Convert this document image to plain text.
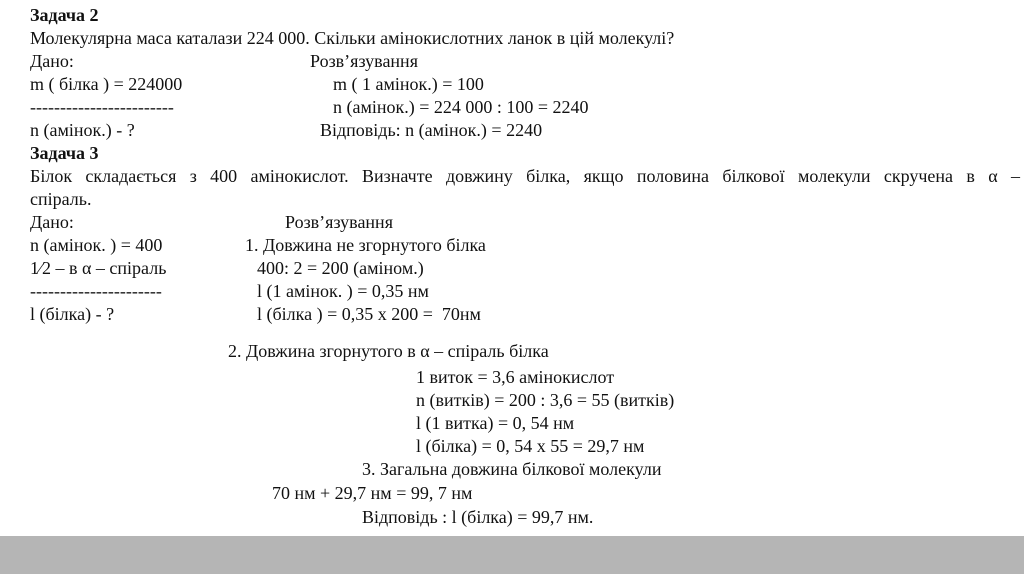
Задача 2
Молекулярна маса каталази 224 000. Скільки амінокислотних ланок в цій молекулі?
Дано:	Розв’язування
m ( білка ) = 224000	m ( 1 амінок.) = 100
------------------------	n (амінок.) = 224 000 : 100 = 2240
n (амінок.) - ?	Відповідь: n (амінок.) = 2240
Задача 3
Білок складається з 400 амінокислот. Визначте довжину білка, якщо половина білкової молекули скручена в α –
спіраль.
Дано:	Розв’язування
n (амінок. ) = 400	1. Довжина не згорнутого білка
1⁄2 – в α – спіраль	400: 2 = 200 (аміном.)
----------------------	l (1 амінок. ) = 0,35 нм
l (білка) - ?	l (білка ) = 0,35 х 200 =  70нм
2. Довжина згорнутого в α – спіраль білка
1 виток = 3,6 амінокислот
n (витків) = 200 : 3,6 = 55 (витків)
l (1 витка) = 0, 54 нм
l (білка) = 0, 54 х 55 = 29,7 нм
3. Загальна довжина білкової молекули
70 нм + 29,7 нм = 99, 7 нм
Відповідь : l (білка) = 99,7 нм.
